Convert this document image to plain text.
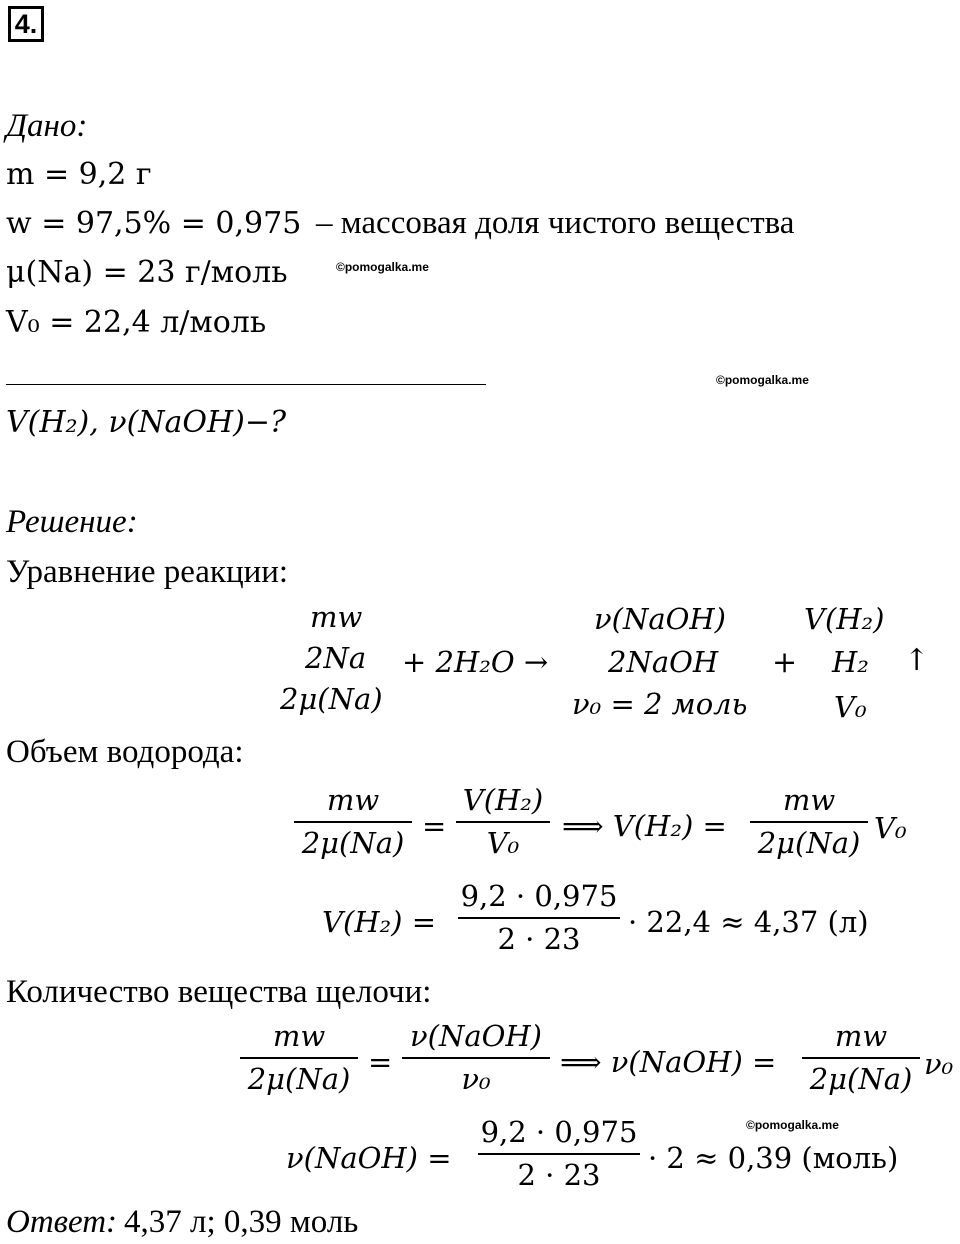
4.
Дано:
m = 9,2 г
w = 97,5% = 0,975 – массовая доля чистого вещества
μ(Na) = 23 г/моль	©pomogalka.me
V₀ = 22,4 л/моль
©pomogalka.me
V(H₂), ν(NaOH)−?
Решение:
Уравнение реакции:
mw
2Na
2μ(Na)
+ 2H₂O →
ν(NaOH)
2NaOH
ν₀ = 2 моль
+
V(H₂)
H₂
V₀
↑
Объем водорода:
mw
2μ(Na) =
V(H₂)
V₀ ⟹ V(H₂) =
mw
2μ(Na) V₀
V(H₂) =
9,2 · 0,975
2 · 23 · 22,4 ≈ 4,37 (л)
Количество вещества щелочи:
mw
2μ(Na) =
ν(NaOH)
ν₀ ⟹ ν(NaOH) =
mw
2μ(Na) ν₀
©pomogalka.me
ν(NaOH) =
9,2 · 0,975
2 · 23 · 2 ≈ 0,39 (моль)
Ответ: 4,37 л; 0,39 моль
